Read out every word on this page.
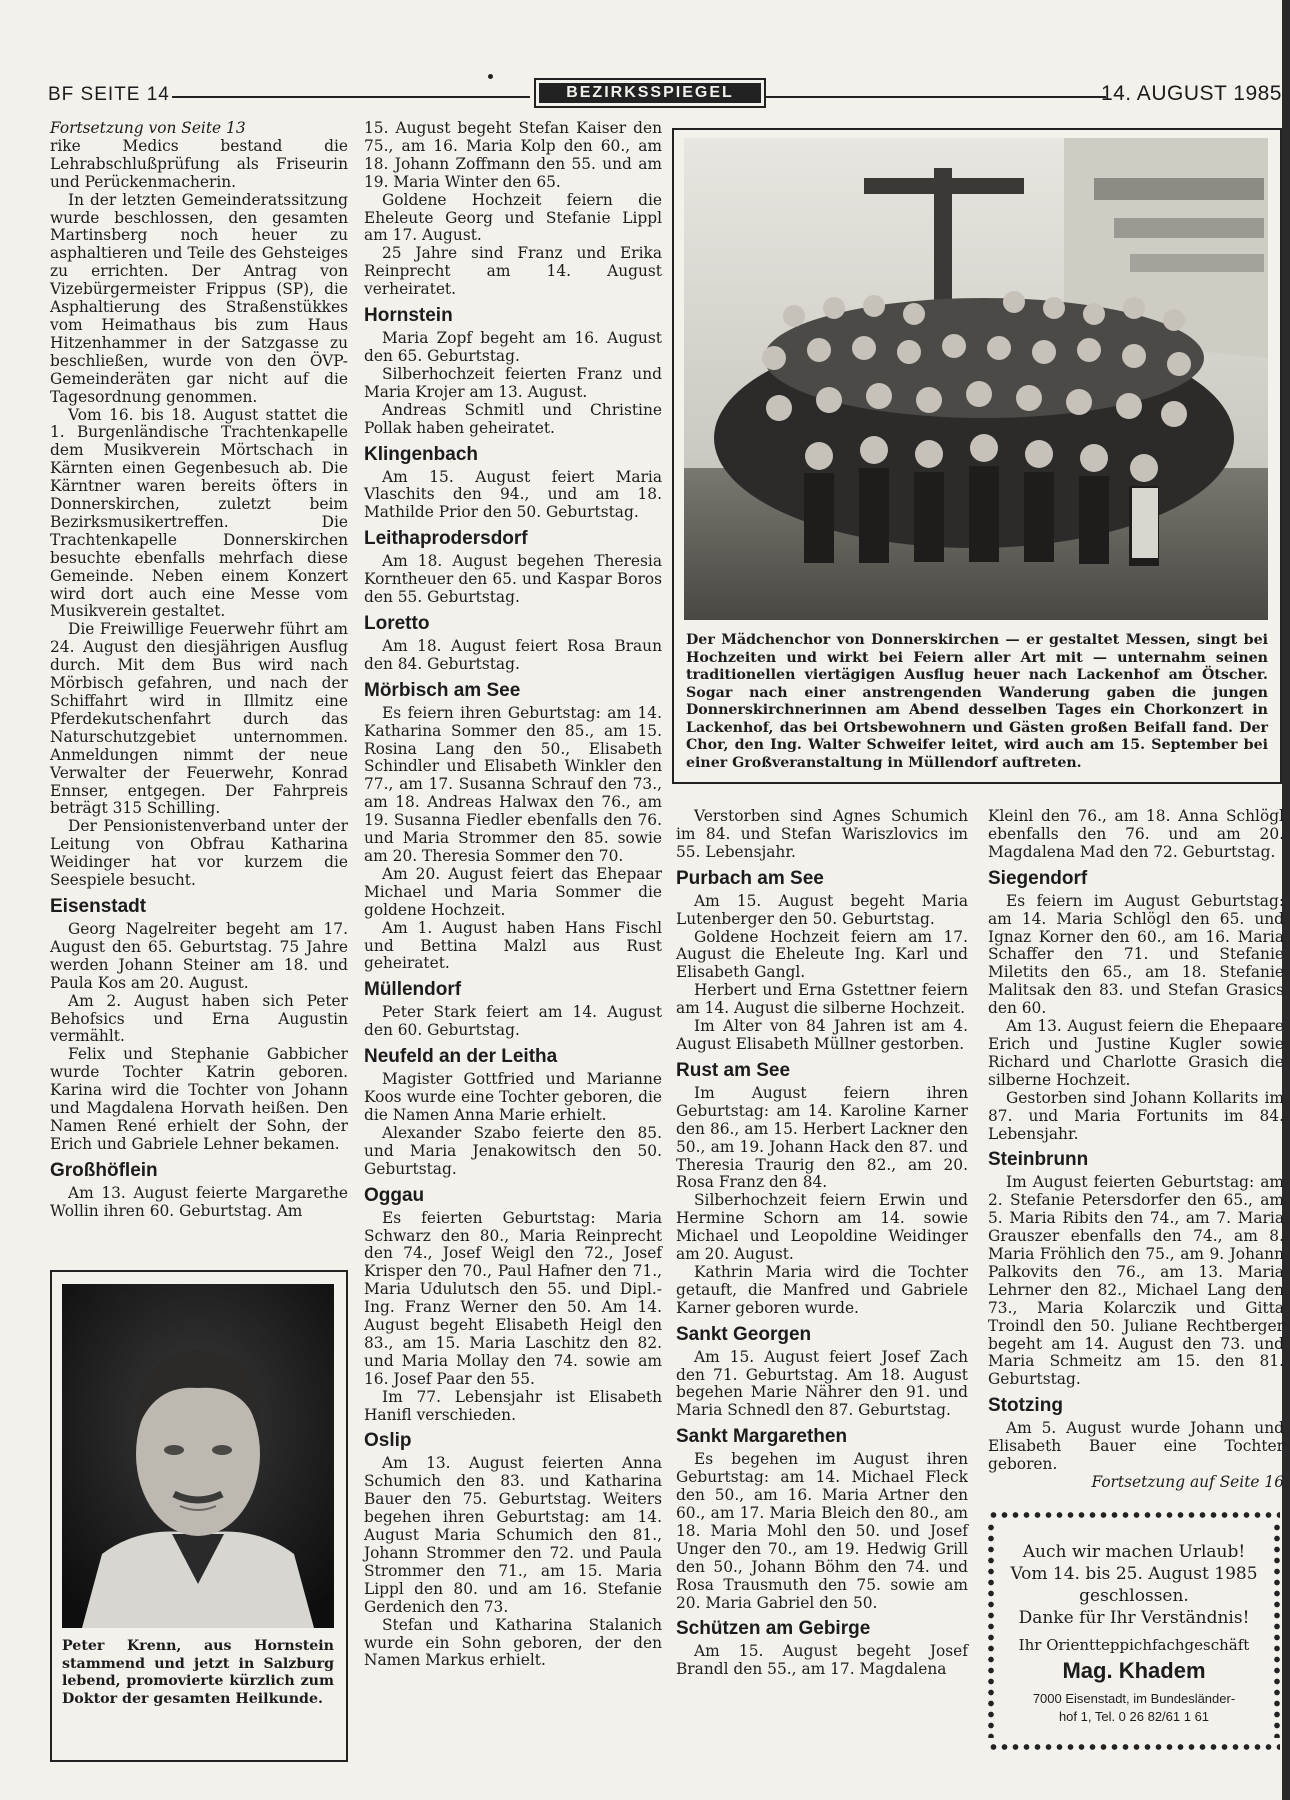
BF SEITE 14	BEZIRKSSPIEGEL	14. AUGUST 1985

Fortsetzung von Seite 13

rike Medics bestand die Lehrabschlußprüfung als Friseurin und Perückenmacherin.

In der letzten Gemeinderatssitzung wurde beschlossen, den gesamten Martinsberg noch heuer zu asphaltieren und Teile des Gehsteiges zu errichten. Der Antrag von Vizebürgermeister Frippus (SP), die Asphaltierung des Straßenstükkes vom Heimathaus bis zum Haus Hitzenhammer in der Satzgasse zu beschließen, wurde von den ÖVP-Gemeinderäten gar nicht auf die Tagesordnung genommen.

Vom 16. bis 18. August stattet die 1. Burgenländische Trachtenkapelle dem Musikverein Mörtschach in Kärnten einen Gegenbesuch ab. Die Kärntner waren bereits öfters in Donnerskirchen, zuletzt beim Bezirksmusikertreffen. Die Trachtenkapelle Donnerskirchen besuchte ebenfalls mehrfach diese Gemeinde. Neben einem Konzert wird dort auch eine Messe vom Musikverein gestaltet.

Die Freiwillige Feuerwehr führt am 24. August den diesjährigen Ausflug durch. Mit dem Bus wird nach Mörbisch gefahren, und nach der Schiffahrt wird in Illmitz eine Pferdekutschenfahrt durch das Naturschutzgebiet unternommen. Anmeldungen nimmt der neue Verwalter der Feuerwehr, Konrad Ennser, entgegen. Der Fahrpreis beträgt 315 Schilling.

Der Pensionistenverband unter der Leitung von Obfrau Katharina Weidinger hat vor kurzem die Seespiele besucht.

Eisenstadt

Georg Nagelreiter begeht am 17. August den 65. Geburtstag. 75 Jahre werden Johann Steiner am 18. und Paula Kos am 20. August.

Am 2. August haben sich Peter Behofsics und Erna Augustin vermählt.

Felix und Stephanie Gabbicher wurde Tochter Katrin geboren. Karina wird die Tochter von Johann und Magdalena Horvath heißen. Den Namen René erhielt der Sohn, der Erich und Gabriele Lehner bekamen.

Großhöflein

Am 13. August feierte Margarethe Wollin ihren 60. Geburtstag. Am

Peter Krenn, aus Hornstein stammend und jetzt in Salzburg lebend, promovierte kürzlich zum Doktor der gesamten Heilkunde.

15. August begeht Stefan Kaiser den 75., am 16. Maria Kolp den 60., am 18. Johann Zoffmann den 55. und am 19. Maria Winter den 65.

Goldene Hochzeit feiern die Eheleute Georg und Stefanie Lippl am 17. August.

25 Jahre sind Franz und Erika Reinprecht am 14. August verheiratet.

Hornstein

Maria Zopf begeht am 16. August den 65. Geburtstag.

Silberhochzeit feierten Franz und Maria Krojer am 13. August.

Andreas Schmitl und Christine Pollak haben geheiratet.

Klingenbach

Am 15. August feiert Maria Vlaschits den 94., und am 18. Mathilde Prior den 50. Geburtstag.

Leithaprodersdorf

Am 18. August begehen Theresia Korntheuer den 65. und Kaspar Boros den 55. Geburtstag.

Loretto

Am 18. August feiert Rosa Braun den 84. Geburtstag.

Mörbisch am See

Es feiern ihren Geburtstag: am 14. Katharina Sommer den 85., am 15. Rosina Lang den 50., Elisabeth Schindler und Elisabeth Winkler den 77., am 17. Susanna Schrauf den 73., am 18. Andreas Halwax den 76., am 19. Susanna Fiedler ebenfalls den 76. und Maria Strommer den 85. sowie am 20. Theresia Sommer den 70.

Am 20. August feiert das Ehepaar Michael und Maria Sommer die goldene Hochzeit.

Am 1. August haben Hans Fischl und Bettina Malzl aus Rust geheiratet.

Müllendorf

Peter Stark feiert am 14. August den 60. Geburtstag.

Neufeld an der Leitha

Magister Gottfried und Marianne Koos wurde eine Tochter geboren, die die Namen Anna Marie erhielt.

Alexander Szabo feierte den 85. und Maria Jenakowitsch den 50. Geburtstag.

Oggau

Es feierten Geburtstag: Maria Schwarz den 80., Maria Reinprecht den 74., Josef Weigl den 72., Josef Krisper den 70., Paul Hafner den 71., Maria Udulutsch den 55. und Dipl.-Ing. Franz Werner den 50. Am 14. August begeht Elisabeth Heigl den 83., am 15. Maria Laschitz den 82. und Maria Mollay den 74. sowie am 16. Josef Paar den 55.

Im 77. Lebensjahr ist Elisabeth Hanifl verschieden.

Oslip

Am 13. August feierten Anna Schumich den 83. und Katharina Bauer den 75. Geburtstag. Weiters begehen ihren Geburtstag: am 14. August Maria Schumich den 81., Johann Strommer den 72. und Paula Strommer den 71., am 15. Maria Lippl den 80. und am 16. Stefanie Gerdenich den 73.

Stefan und Katharina Stalanich wurde ein Sohn geboren, der den Namen Markus erhielt.

Der Mädchenchor von Donnerskirchen — er gestaltet Messen, singt bei Hochzeiten und wirkt bei Feiern aller Art mit — unternahm seinen traditionellen viertägigen Ausflug heuer nach Lackenhof am Ötscher. Sogar nach einer anstrengenden Wanderung gaben die jungen Donnerskirchnerinnen am Abend desselben Tages ein Chorkonzert in Lackenhof, das bei Ortsbewohnern und Gästen großen Beifall fand. Der Chor, den Ing. Walter Schweifer leitet, wird auch am 15. September bei einer Großveranstaltung in Müllendorf auftreten.

Verstorben sind Agnes Schumich im 84. und Stefan Wariszlovics im 55. Lebensjahr.

Purbach am See

Am 15. August begeht Maria Lutenberger den 50. Geburtstag.

Goldene Hochzeit feiern am 17. August die Eheleute Ing. Karl und Elisabeth Gangl.

Herbert und Erna Gstettner feiern am 14. August die silberne Hochzeit.

Im Alter von 84 Jahren ist am 4. August Elisabeth Müllner gestorben.

Rust am See

Im August feiern ihren Geburtstag: am 14. Karoline Karner den 86., am 15. Herbert Lackner den 50., am 19. Johann Hack den 87. und Theresia Traurig den 82., am 20. Rosa Franz den 84.

Silberhochzeit feiern Erwin und Hermine Schorn am 14. sowie Michael und Leopoldine Weidinger am 20. August.

Kathrin Maria wird die Tochter getauft, die Manfred und Gabriele Karner geboren wurde.

Sankt Georgen

Am 15. August feiert Josef Zach den 71. Geburtstag. Am 18. August begehen Marie Nährer den 91. und Maria Schnedl den 87. Geburtstag.

Sankt Margarethen

Es begehen im August ihren Geburtstag: am 14. Michael Fleck den 50., am 16. Maria Artner den 60., am 17. Maria Bleich den 80., am 18. Maria Mohl den 50. und Josef Unger den 70., am 19. Hedwig Grill den 50., Johann Böhm den 74. und Rosa Trausmuth den 75. sowie am 20. Maria Gabriel den 50.

Schützen am Gebirge

Am 15. August begeht Josef Brandl den 55., am 17. Magdalena

Kleinl den 76., am 18. Anna Schlögl ebenfalls den 76. und am 20. Magdalena Mad den 72. Geburtstag.

Siegendorf

Es feiern im August Geburtstag: am 14. Maria Schlögl den 65. und Ignaz Korner den 60., am 16. Maria Schaffer den 71. und Stefanie Miletits den 65., am 18. Stefanie Malitsak den 83. und Stefan Grasics den 60.

Am 13. August feiern die Ehepaare Erich und Justine Kugler sowie Richard und Charlotte Grasich die silberne Hochzeit.

Gestorben sind Johann Kollarits im 87. und Maria Fortunits im 84. Lebensjahr.

Steinbrunn

Im August feierten Geburtstag: am 2. Stefanie Petersdorfer den 65., am 5. Maria Ribits den 74., am 7. Maria Grauszer ebenfalls den 74., am 8. Maria Fröhlich den 75., am 9. Johann Palkovits den 76., am 13. Maria Lehrner den 82., Michael Lang den 73., Maria Kolarczik und Gitta Troindl den 50. Juliane Rechtberger begeht am 14. August den 73. und Maria Schmeitz am 15. den 81. Geburtstag.

Stotzing

Am 5. August wurde Johann und Elisabeth Bauer eine Tochter geboren.

Fortsetzung auf Seite 16

Auch wir machen Urlaub!
Vom 14. bis 25. August 1985
geschlossen.
Danke für Ihr Verständnis!
Ihr Orientteppichfachgeschäft
Mag. Khadem
7000 Eisenstadt, im Bundesländer-
hof 1, Tel. 0 26 82/61 1 61
